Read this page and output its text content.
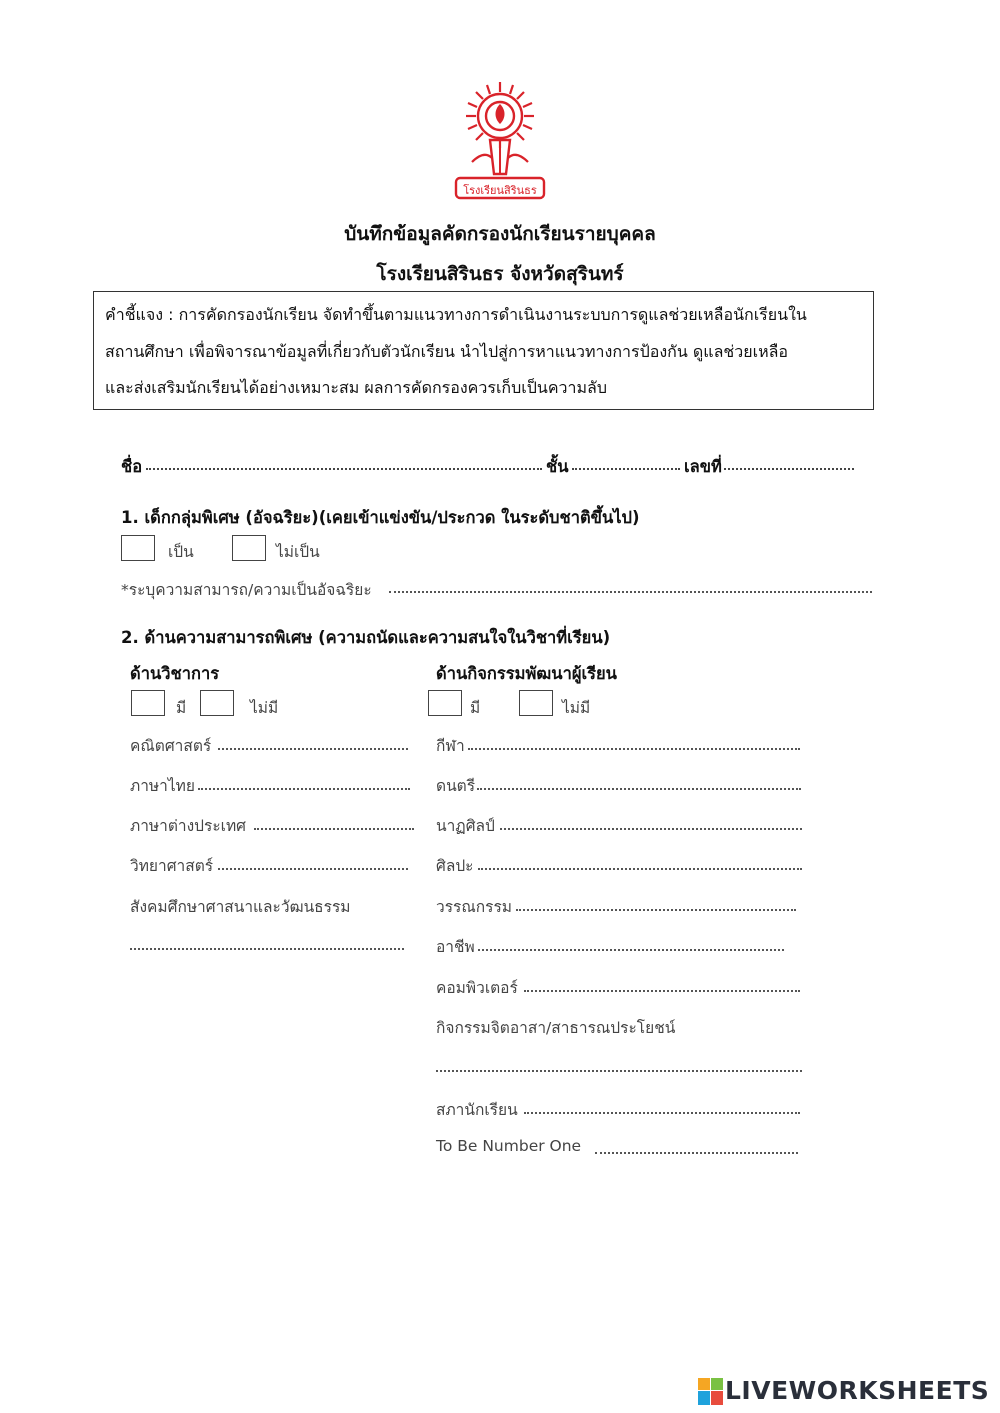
โรงเรียนสิรินธร
บันทึกข้อมูลคัดกรองนักเรียนรายบุคคล
โรงเรียนสิรินธร จังหวัดสุรินทร์
คำชี้แจง : การคัดกรองนักเรียน จัดทำขึ้นตามแนวทางการดำเนินงานระบบการดูแลช่วยเหลือนักเรียนใน
สถานศึกษา เพื่อพิจารณาข้อมูลที่เกี่ยวกับตัวนักเรียน นำไปสู่การหาแนวทางการป้องกัน ดูแลช่วยเหลือ
และส่งเสริมนักเรียนได้อย่างเหมาะสม ผลการคัดกรองควรเก็บเป็นความลับ
ชื่อ	ชั้น	เลขที่
1. เด็กกลุ่มพิเศษ (อัจฉริยะ)(เคยเข้าแข่งขัน/ประกวด ในระดับชาติขึ้นไป)
เป็น	ไม่เป็น
*ระบุความสามารถ/ความเป็นอัจฉริยะ
2. ด้านความสามารถพิเศษ (ความถนัดและความสนใจในวิชาที่เรียน)
ด้านวิชาการ
มี	ไม่มี
คณิตศาสตร์
ภาษาไทย
ภาษาต่างประเทศ
วิทยาศาสตร์
สังคมศึกษาศาสนาและวัฒนธรรม
ด้านกิจกรรมพัฒนาผู้เรียน
มี	ไม่มี
กีฬา
ดนตรี
นาฏศิลป์
ศิลปะ
วรรณกรรม
อาชีพ
คอมพิวเตอร์
กิจกรรมจิตอาสา/สาธารณประโยชน์
สภานักเรียน
To Be Number One
LIVEWORKSHEETS
